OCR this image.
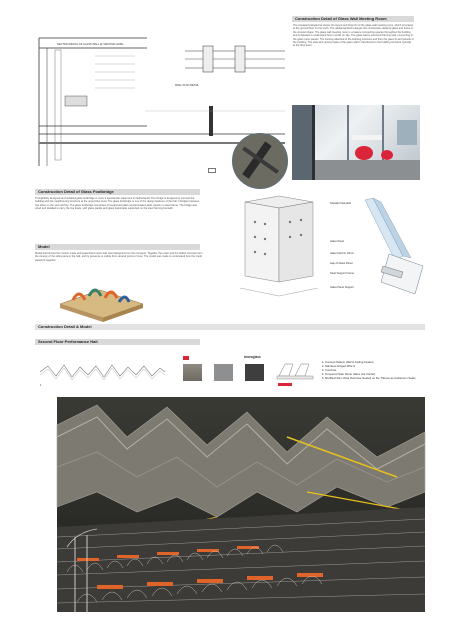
SECTION DETAIL OF GLASS WALL @ GROUND LEVEL
WALL PLAN DETAIL
Construction Detail of Glass Wall Meeting Room
The insulated triangle bar shows the layout and footprint of the glass wall meeting room, which is located at the ground floor on the north. The additional fluid enlarges the construction detail of glass and frame in the circular shape. The glass wall meeting room is a feature connecting spaces throughout the building and is detailed to understand how it works on site. The glass wall is structural framing wall, connecting to the glass room panels. The framing attached to the building structure and then the glass fin and panels of the building. The steel and gravity loads of the glass wall is transferred to the building structure typically at the floor level.
Construction Detail of Glass Footbridge
Thoughtfully designed and installed glass footbridge is more a spectacular statement in Netherlands! The bridge is designed to connect the building with the neighbouring structure at the upper floor level. The glass footbridge is one of the design features of the hall; it bridges between two sides on the second floor. The glass footbridge comprises of toughened glass and laminated glass panels on steel frame. The bridge was sized and detailed to carry the live loads, with glass panels and glass balustrade supported on the steel framing beneath.
Standard Handrail
Glass Panel
Glass Flat Fin 19mm
Gap of Glass Panel
Steel Support Frame
Glass Panel Support
Model
Model built shows the custom made and assembled mesh stair steel designed from the concepts. Together the mesh and the folded concrete form the canopy of the sitting area in the hall, and its presence is visible from several points of view. The model was made to understand how the mesh panels fit together.
Construction Detail & Model
Second Floor Performance Hall
1
bravoglass
1. Concept Pattern Wall & Ceiling Feature
2. Stainless Hinged 3PG-S
3. Concrete
4. Tempered Safe Stone Glass (car border)
5. Modified Slim Chair that have Seated on the Tribune as Auditorium Seats
